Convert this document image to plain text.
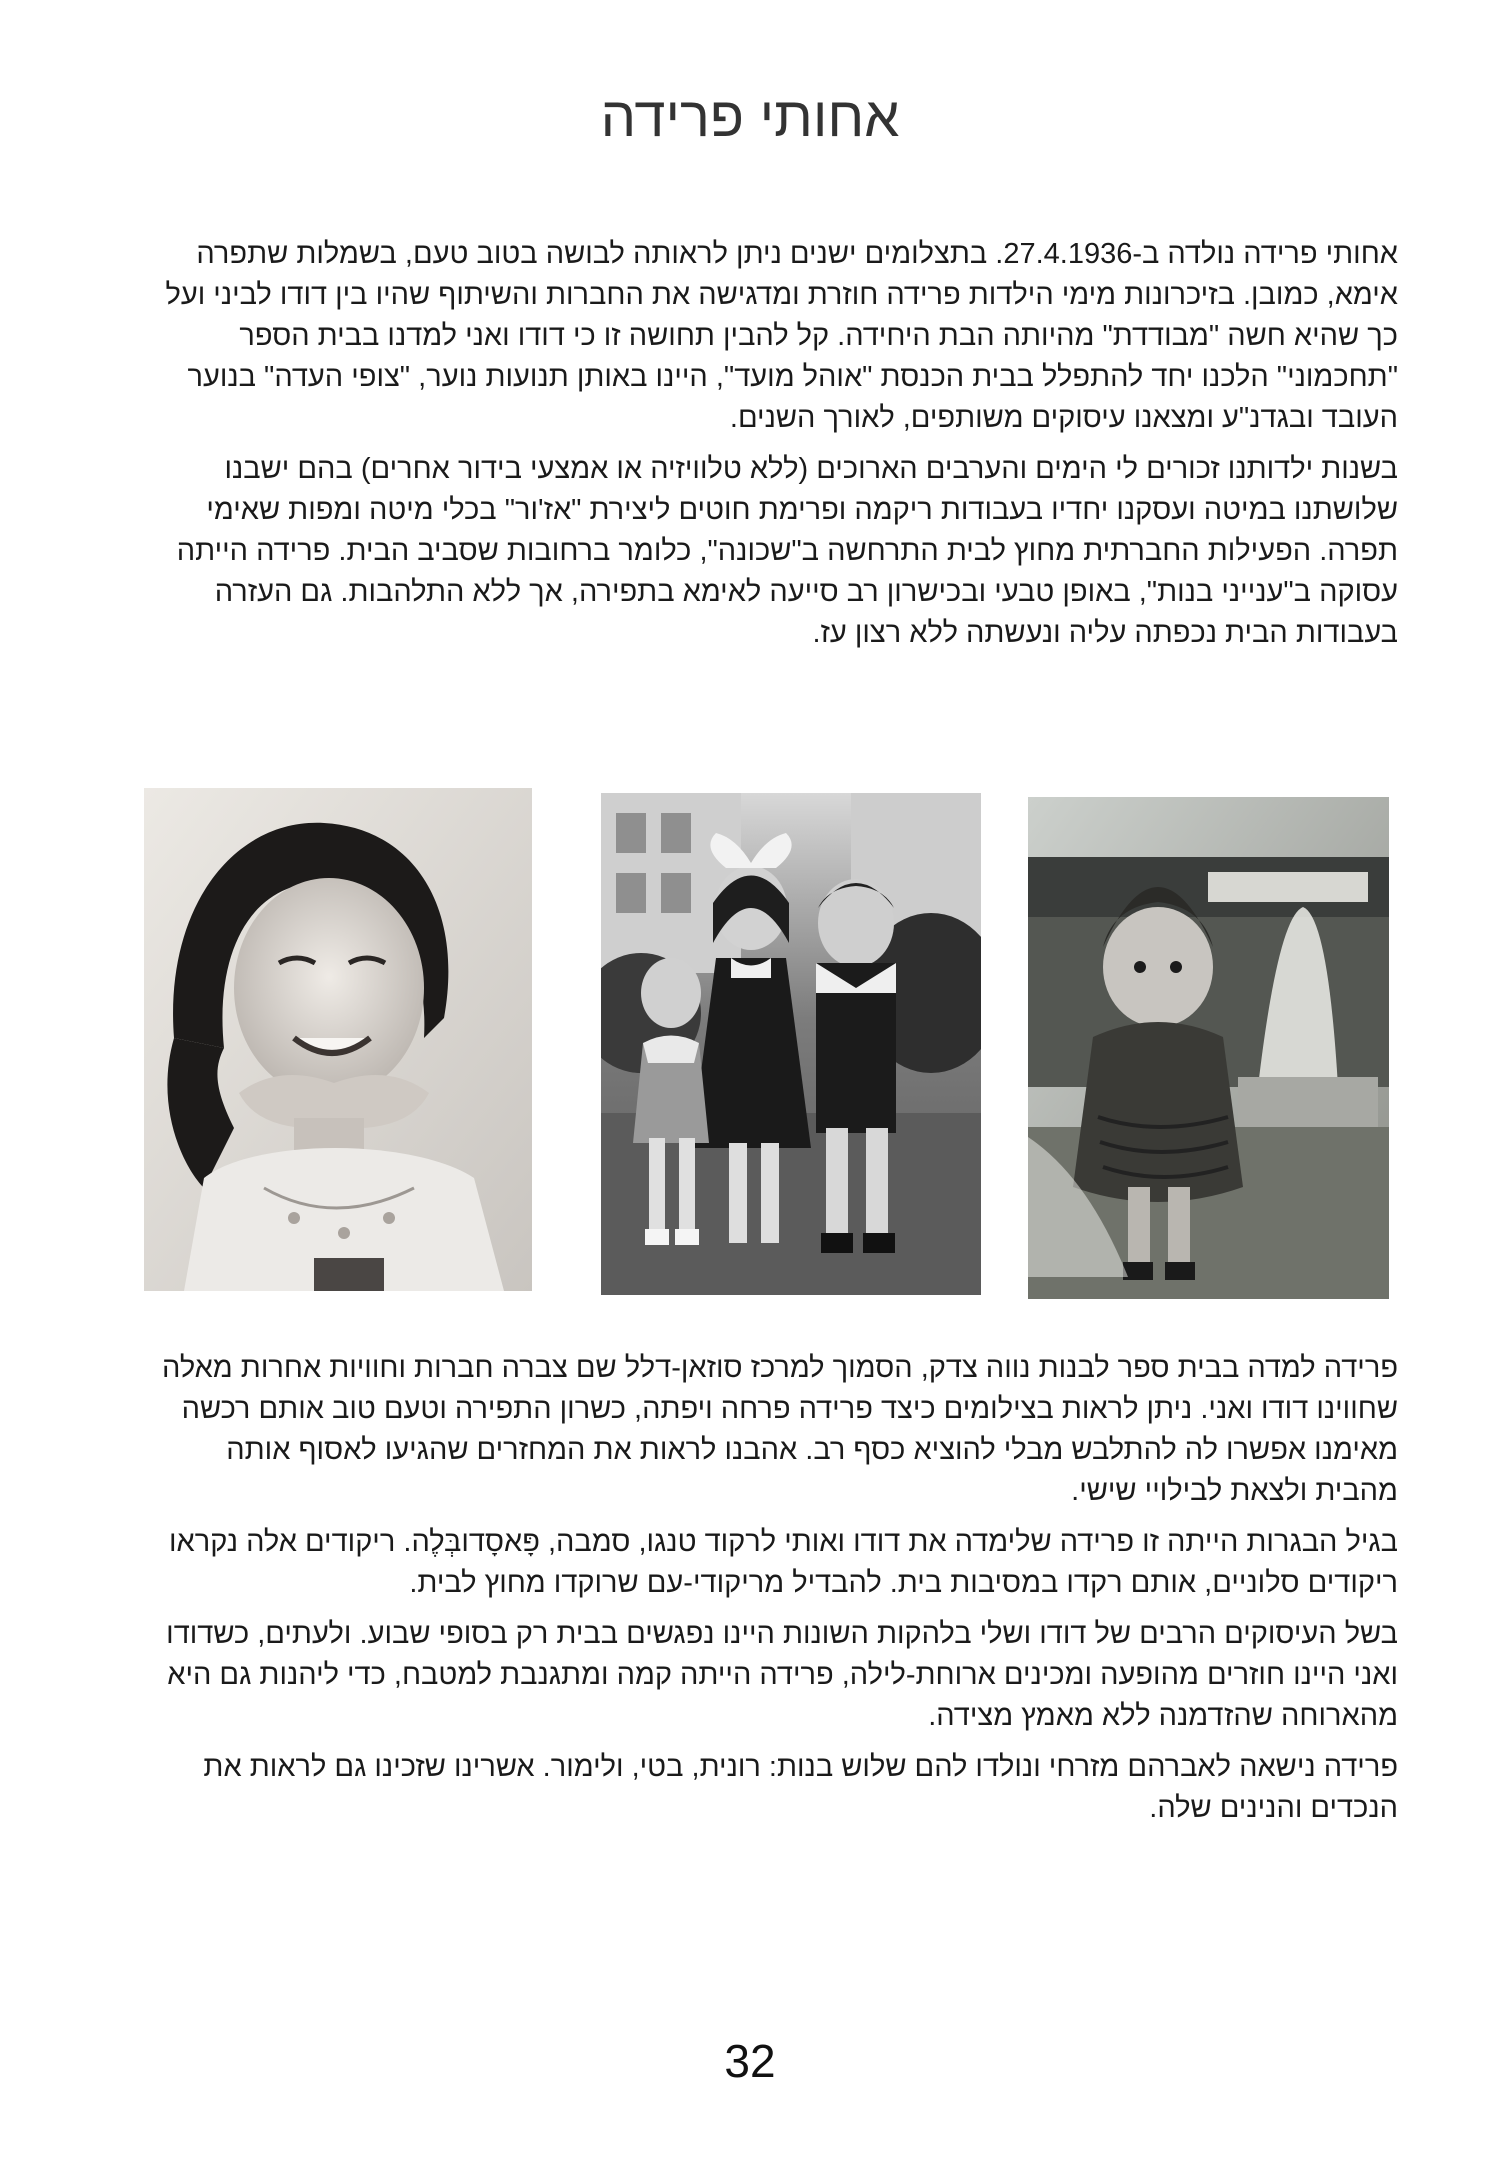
אחותי פרידה

אחותי פרידה נולדה ב-27.4.1936. בתצלומים ישנים ניתן לראותה לבושה בטוב טעם, בשמלות שתפרה אימא, כמובן. בזיכרונות מימי הילדות פרידה חוזרת ומדגישה את החברות והשיתוף שהיו בין דודו לביני ועל כך שהיא חשה "מבודדת" מהיותה הבת היחידה. קל להבין תחושה זו כי דודו ואני למדנו בבית הספר "תחכמוני" הלכנו יחד להתפלל בבית הכנסת "אוהל מועד", היינו באותן תנועות נוער, "צופי העדה" בנוער העובד ובגדנ"ע ומצאנו עיסוקים משותפים, לאורך השנים.

בשנות ילדותנו זכורים לי הימים והערבים הארוכים (ללא טלוויזיה או אמצעי בידור אחרים) בהם ישבנו שלושתנו במיטה ועסקנו יחדיו בעבודות ריקמה ופרימת חוטים ליצירת "אז'ור" בכלי מיטה ומפות שאימי תפרה. הפעילות החברתית מחוץ לבית התרחשה ב"שכונה", כלומר ברחובות שסביב הבית. פרידה הייתה עסוקה ב"ענייני בנות", באופן טבעי ובכישרון רב סייעה לאימא בתפירה, אך ללא התלהבות. גם העזרה בעבודות הבית נכפתה עליה ונעשתה ללא רצון עז.

פרידה למדה בבית ספר לבנות נווה צדק, הסמוך למרכז סוזאן-דלל שם צברה חברות וחוויות אחרות מאלה שחווינו דודו ואני. ניתן לראות בצילומים כיצד פרידה פרחה ויפתה, כשרון התפירה וטעם טוב אותם רכשה מאימנו אפשרו לה להתלבש מבלי להוציא כסף רב. אהבנו לראות את המחזרים שהגיעו לאסוף אותה מהבית ולצאת לבילויי שישי.

בגיל הבגרות הייתה זו פרידה שלימדה את דודו ואותי לרקוד טנגו, סמבה, פָּאסָדובְּלֶה. ריקודים אלה נקראו ריקודים סלוניים, אותם רקדו במסיבות בית. להבדיל מריקודי-עם שרוקדו מחוץ לבית.

בשל העיסוקים הרבים של דודו ושלי בלהקות השונות היינו נפגשים בבית רק בסופי שבוע. ולעתים, כשדודו ואני היינו חוזרים מהופעה ומכינים ארוחת-לילה, פרידה הייתה קמה ומתגנבת למטבח, כדי ליהנות גם היא מהארוחה שהזדמנה ללא מאמץ מצידה.

פרידה נישאה לאברהם מזרחי ונולדו להם שלוש בנות: רונית, בטי, ולימור. אשרינו שזכינו גם לראות את הנכדים והנינים שלה.

32
